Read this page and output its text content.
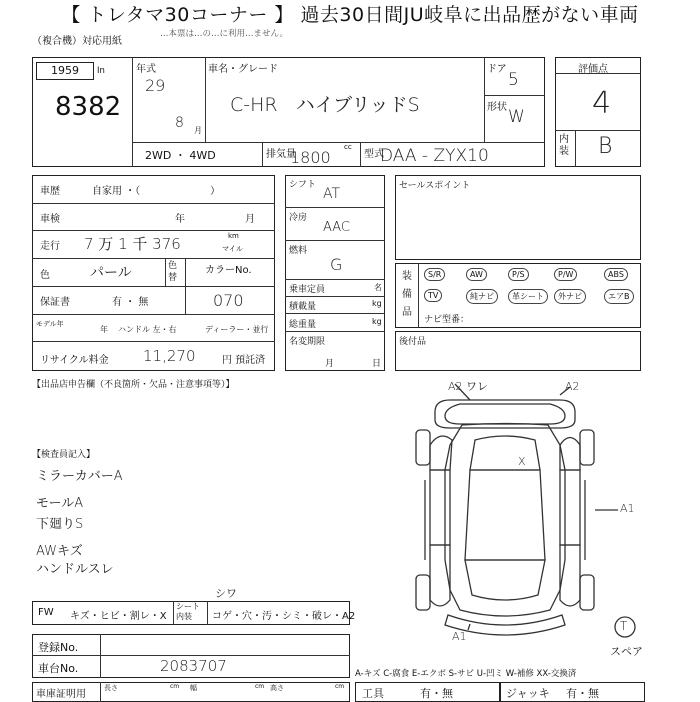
【 トレタマ30コーナー 】 過去30日間JU岐阜に出品歴がない車両
（複合機）対応用紙
…本票は…の…に利用…ません。
1959	In
8382
年式
29
8 月
車名・グレード
C-HR   ハイブリッドS
ドア
5
形状 W
2WD ・ 4WD	排気量
1800
cc
型式
DAA - ZYX10
評価点
4
内装 B
車歴	自家用 ・（　　　　　　　）
車検	年	月
走行 7 万 1 千 376	km
マイル
色	パール	色替
カラーNo.
070
保証書	有 ・ 無
モデル年
年 ハンドル 左・右	ディーラー・並行
リサイクル料金 11,270	円 預託済
シフト
AT
冷房
AAC
燃料
G
乗車定員	名
積載量	kg
総重量	kg
名変期限
月	日
セールスポイント
装備品
S/R	AW	P/S	P/W	ABS
TV	純ナビ	革シート	外ナビ	エアB
ナビ型番：
後付品
【出品店申告欄（不良箇所・欠品・注意事項等）】
【検査員記入】
ミラーカバーA
モールA
下廻りS
AWキズ
ハンドルスレ
A2 ワレ	A2
A1
A1
X
T
スペア
FW キズ・ヒビ・割レ・X
シート内装	コゲ・穴・汚・シミ・破レ・A2
シワ
登録No.
車台No.	2083707	A-キズ C-腐食 E-エクボ S-サビ U-凹ミ W-補修 XX-交換済
車庫証明用
長さ	cm 幅	cm 高さ	cm
工具	有・無	ジャッキ 有・無
